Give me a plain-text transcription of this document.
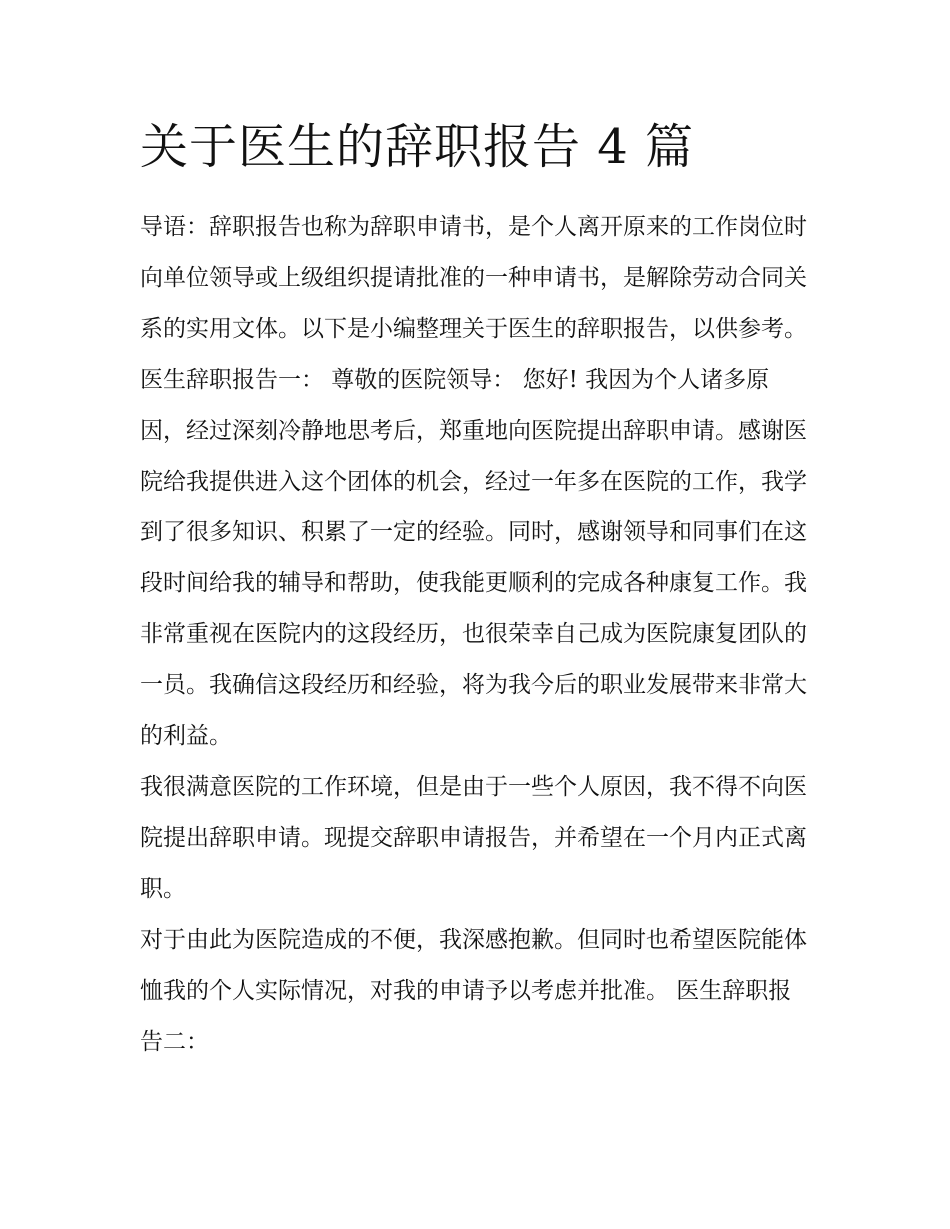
关于医生的辞职报告 4 篇

导语：辞职报告也称为辞职申请书，是个人离开原来的工作岗位时向单位领导或上级组织提请批准的一种申请书，是解除劳动合同关系的实用文体。以下是小编整理关于医生的辞职报告，以供参考。

医生辞职报告一： 尊敬的医院领导： 您好! 我因为个人诸多原因，经过深刻冷静地思考后，郑重地向医院提出辞职申请。感谢医院给我提供进入这个团体的机会，经过一年多在医院的工作，我学到了很多知识、积累了一定的经验。同时，感谢领导和同事们在这段时间给我的辅导和帮助，使我能更顺利的完成各种康复工作。我非常重视在医院内的这段经历，也很荣幸自己成为医院康复团队的一员。我确信这段经历和经验，将为我今后的职业发展带来非常大的利益。

我很满意医院的工作环境，但是由于一些个人原因，我不得不向医院提出辞职申请。现提交辞职申请报告，并希望在一个月内正式离职。

对于由此为医院造成的不便，我深感抱歉。但同时也希望医院能体恤我的个人实际情况，对我的申请予以考虑并批准。 医生辞职报告二：
